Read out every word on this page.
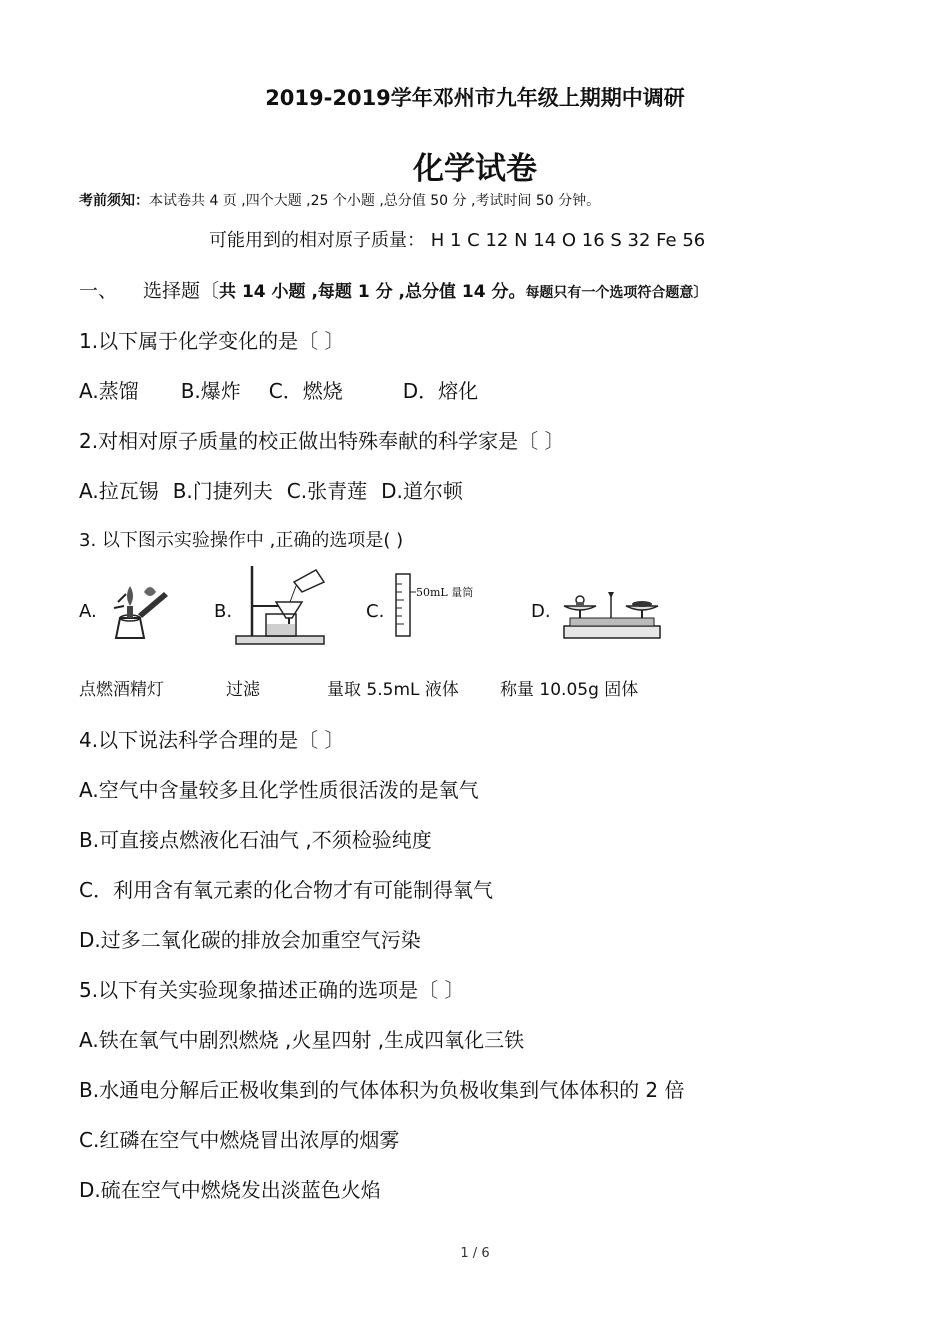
2019-2019学年邓州市九年级上期期中调研
化学试卷
考前须知：本试卷共 4 页 ,四个大题 ,25 个小题 ,总分值 50 分 ,考试时间 50 分钟。
可能用到的相对原子质量： H 1 C 12 N 14 O 16 S 32 Fe 56
一、 选择题〔共 14 小题 ,每题 1 分 ,总分值 14 分。每题只有一个选项符合题意〕
1.以下属于化学变化的是〔 〕
A.蒸馏 B.爆炸 C．燃烧	D．熔化
2.对相对原子质量的校正做出特殊奉献的科学家是〔 〕
A.拉瓦锡 B.门捷列夫 C.张青莲 D.道尔顿
3. 以下图示实验操作中 ,正确的选项是( )
A.	B.	C.
50mL 量筒
D.
点燃酒精灯	过滤	量取 5.5mL 液体 称量 10.05g 固体
4.以下说法科学合理的是〔 〕
A.空气中含量较多且化学性质很活泼的是氧气
B.可直接点燃液化石油气 ,不须检验纯度
C．利用含有氧元素的化合物才有可能制得氧气
D.过多二氧化碳的排放会加重空气污染
5.以下有关实验现象描述正确的选项是〔 〕
A.铁在氧气中剧烈燃烧 ,火星四射 ,生成四氧化三铁
B.水通电分解后正极收集到的气体体积为负极收集到气体体积的 2 倍
C.红磷在空气中燃烧冒出浓厚的烟雾
D.硫在空气中燃烧发出淡蓝色火焰
1 / 6
